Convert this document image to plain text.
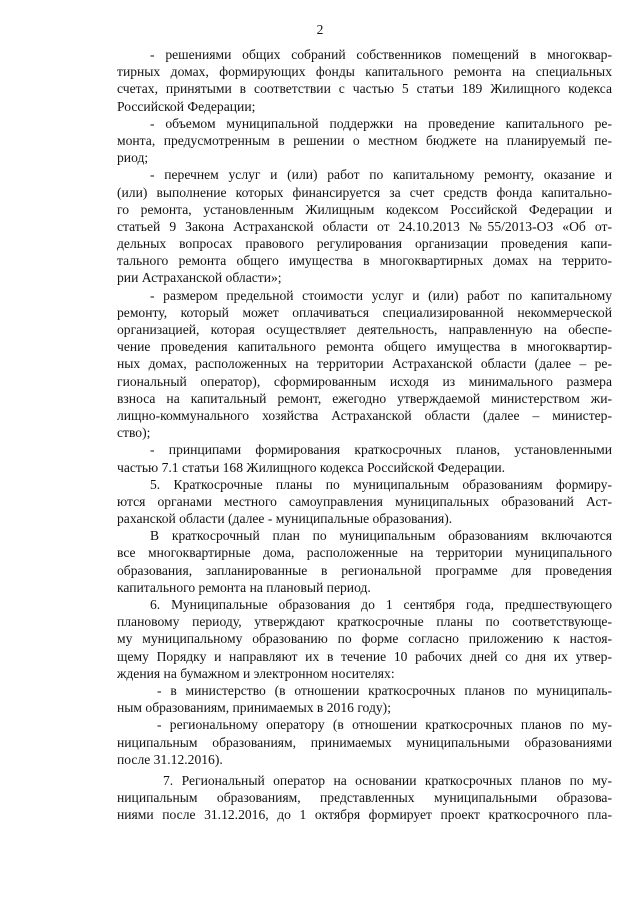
2
- решениями общих собраний собственников помещений в многоквар-
тирных домах, формирующих фонды капитального ремонта на специальных
счетах, принятыми в соответствии с частью 5 статьи 189 Жилищного кодекса
Российской Федерации;
- объемом муниципальной поддержки на проведение капитального ре-
монта, предусмотренным в решении о местном бюджете на планируемый пе-
риод;
- перечнем услуг и (или) работ по капитальному ремонту, оказание и
(или) выполнение которых финансируется за счет средств фонда капитально-
го ремонта, установленным Жилищным кодексом Российской Федерации и
статьей 9 Закона Астраханской области от 24.10.2013 №55/2013-ОЗ «Об от-
дельных вопросах правового регулирования организации проведения капи-
тального ремонта общего имущества в многоквартирных домах на террито-
рии Астраханской области»;
- размером предельной стоимости услуг и (или) работ по капитальному
ремонту, который может оплачиваться специализированной некоммерческой
организацией, которая осуществляет деятельность, направленную на обеспе-
чение проведения капитального ремонта общего имущества в многоквартир-
ных домах, расположенных на территории Астраханской области (далее – ре-
гиональный оператор), сформированным исходя из минимального размера
взноса на капитальный ремонт, ежегодно утверждаемой министерством жи-
лищно-коммунального хозяйства Астраханской области (далее – министер-
ство);
- принципами формирования краткосрочных планов, установленными
частью 7.1 статьи 168 Жилищного кодекса Российской Федерации.
5. Краткосрочные планы по муниципальным образованиям формиру-
ются органами местного самоуправления муниципальных образований Аст-
раханской области (далее - муниципальные образования).
В краткосрочный план по муниципальным образованиям включаются
все многоквартирные дома, расположенные на территории муниципального
образования, запланированные в региональной программе для проведения
капитального ремонта на плановый период.
6. Муниципальные образования до 1 сентября года, предшествующего
плановому периоду, утверждают краткосрочные планы по соответствующе-
му муниципальному образованию по форме согласно приложению к настоя-
щему Порядку и направляют их в течение 10 рабочих дней со дня их утвер-
ждения на бумажном и электронном носителях:
- в министерство (в отношении краткосрочных планов по муниципаль-
ным образованиям, принимаемых в 2016 году);
- региональному оператору (в отношении краткосрочных планов по му-
ниципальным образованиям, принимаемых муниципальными образованиями
после 31.12.2016).
7. Региональный оператор на основании краткосрочных планов по му-
ниципальным образованиям, представленных муниципальными образова-
ниями после 31.12.2016, до 1 октября формирует проект краткосрочного пла-
